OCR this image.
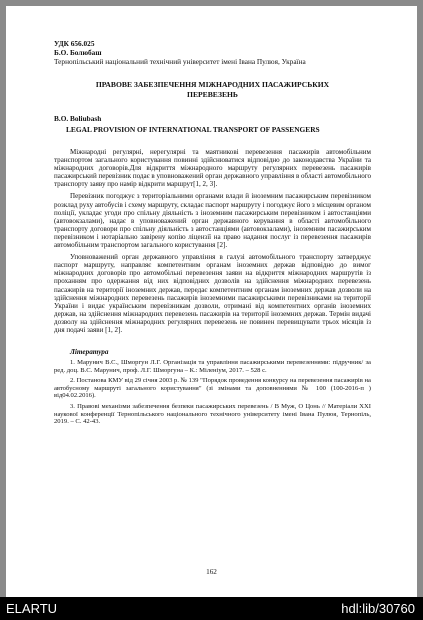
УДК 656.025
Б.О. Болюбаш
Тернопільський національний технічний університет імені Івана Пулюя, Україна
ПРАВОВЕ ЗАБЕЗПЕЧЕННЯ МІЖНАРОДНИХ ПАСАЖИРСЬКИХ ПЕРЕВЕЗЕНЬ
B.O. Boliubash
LEGAL PROVISION OF INTERNATIONAL TRANSPORT OF PASSENGERS

Міжнародні регулярні, нерегулярні та маятникові перевезення пасажирів автомобільним транспортом загального користування повинні здійснюватися відповідно до законодавства України та міжнародних договорів.Для відкриття міжнародного маршруту регулярних перевезень пасажирів пасажирський перевізник подає в уповноважений орган державного управління в області автомобільного транспорту заяву про намір відкрити маршрут[1, 2, 3].

Перевізник погоджує з територіальними органами влади й іноземним пасажирським перевізником розклад руху автобусів і схему маршруту, складає паспорт маршруту і погоджує його з місцевим органом поліції, укладає угоди про спільну діяльність з іноземним пасажирським перевізником і автостанціями (автовокзалами), надає в уповноважений орган державного керування в області автомобільного транспорту договори про спільну діяльність з автостанціями (автовокзалами), іноземним пасажирським перевізником і нотаріально завірену копію ліцензії на право надання послуг із перевезення пасажирів автомобільним транспортом загального користування [2].

Уповноважений орган державного управління в галузі автомобільного транспорту затверджує паспорт маршруту, направляє компетентним органам іноземних держав відповідно до вимог міжнародних договорів про автомобільні перевезення заяви на відкриття міжнародних маршрутів із проханням про одержання від них відповідних дозволів на здійснення міжнародних перевезень пасажирів на території іноземних держав, передає компетентним органам іноземних держав дозволи на здійснення міжнародних перевезень пасажирів іноземними пасажирськими перевізниками на території України і видає українським перевізникам дозволи, отримані від компетентних органів іноземних держав, на здійснення міжнародних перевезень пасажирів на території іноземних держав. Термін видачі дозволу на здійснення міжнародних регулярних перевезень не повинен перевищувати трьох місяців із дня подачі заяви [1, 2].

Література

1. Марунич В.С., Шморгун Л.Г. Організація та управління пасажирськими перевезеннями: підручник/ за ред. доц. В.С. Марунич, проф. Л.Г. Шморгуна – К.: Міленіум, 2017. – 528 с.

2. Постанова КМУ від 29 січня 2003 р. № 139 "Порядок проведення конкурсу на перевезення пасажирів на автобусному маршруті загального користування" (зі змінами та доповненнями № 100 (100-2016-п ) від04.02.2016).

3. Правові механізми забезпечення безпеки пасажирських перевезень / В Муж, О Цонь // Матеріали ХХІ наукової конференції Тернопільського національного технічного університету імені Івана Пулюя, Тернопіль, 2019. – С. 42-43.

162
ELARTU	hdl:lib/30760
